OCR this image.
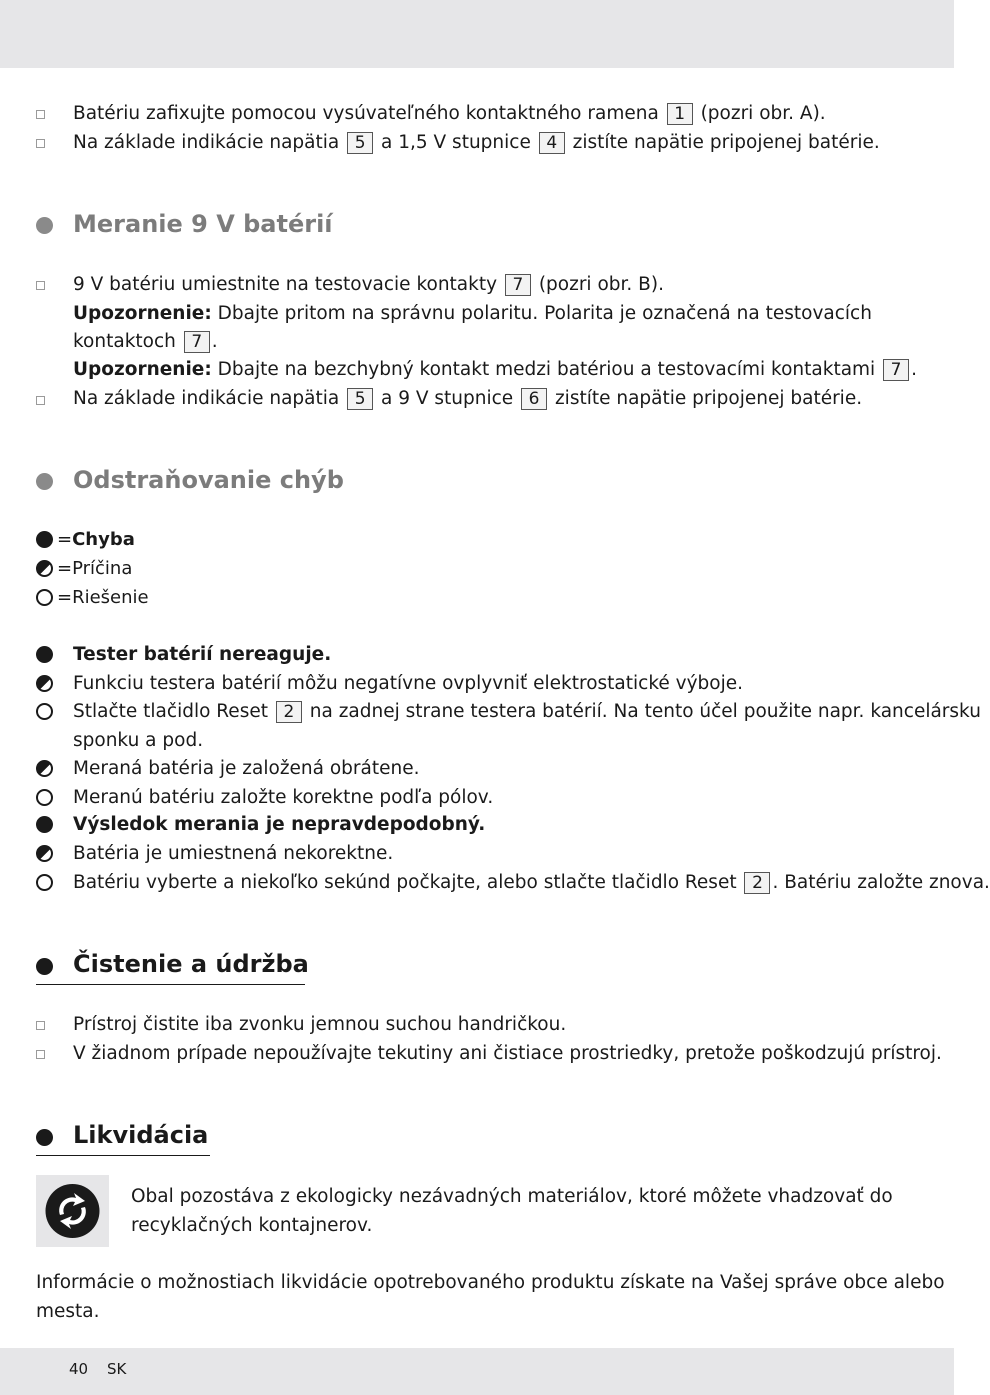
Batériu zafixujte pomocou vysúvateľného kontaktného ramena 1 (pozri obr. A).
Na základe indikácie napätia 5 a 1,5 V stupnice 4 zistíte napätie pripojenej batérie.
Meranie 9 V batérií
9 V batériu umiestnite na testovacie kontakty 7 (pozri obr. B).
Upozornenie: Dbajte pritom na správnu polaritu. Polarita je označená na testovacích
kontaktoch 7 .
Upozornenie: Dbajte na bezchybný kontakt medzi batériou a testovacími kontaktami 7 .
Na základe indikácie napätia 5 a 9 V stupnice 6 zistíte napätie pripojenej batérie.
Odstraňovanie chýb
=Chyba
=Príčina
=Riešenie
Tester batérií nereaguje.
Funkciu testera batérií môžu negatívne ovplyvniť elektrostatické výboje.
Stlačte tlačidlo Reset 2 na zadnej strane testera batérií. Na tento účel použite napr. kancelársku
sponku a pod.
Meraná batéria je založená obrátene.
Meranú batériu založte korektne podľa pólov.
Výsledok merania je nepravdepodobný.
Batéria je umiestnená nekorektne.
Batériu vyberte a niekoľko sekúnd počkajte, alebo stlačte tlačidlo Reset 2 . Batériu založte znova.
Čistenie a údržba
Prístroj čistite iba zvonku jemnou suchou handričkou.
V žiadnom prípade nepoužívajte tekutiny ani čistiace prostriedky, pretože poškodzujú prístroj.
Likvidácia
Obal pozostáva z ekologicky nezávadných materiálov, ktoré môžete vhadzovať do
recyklačných kontajnerov.
Informácie o možnostiach likvidácie opotrebovaného produktu získate na Vašej správe obce alebo
mesta.
40 SK
